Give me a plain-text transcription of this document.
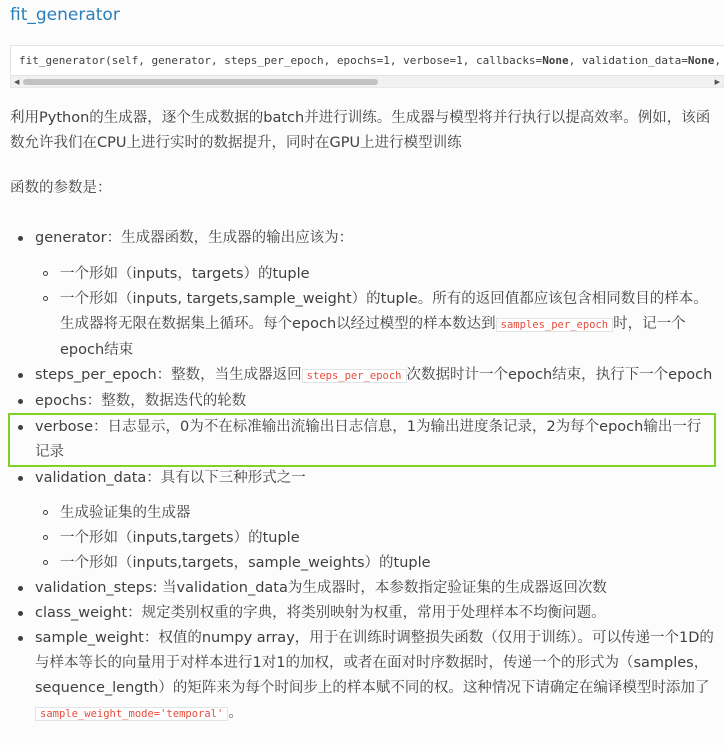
fit_generator
fit_generator(self, generator, steps_per_epoch, epochs=1, verbose=1, callbacks=None, validation_data=None,
◀	▶

利用Python的生成器，逐个生成数据的batch并进行训练。生成器与模型将并行执行以提高效率。例如，该函数允许我们在CPU上进行实时的数据提升，同时在GPU上进行模型训练

函数的参数是：

generator：生成器函数，生成器的输出应该为：
一个形如（inputs，targets）的tuple
一个形如（inputs, targets,sample_weight）的tuple。所有的返回值都应该包含相同数目的样本。生成器将无限在数据集上循环。每个epoch以经过模型的样本数达到 samples_per_epoch 时，记一个epoch结束
steps_per_epoch：整数，当生成器返回 steps_per_epoch 次数据时计一个epoch结束，执行下一个epoch
epochs：整数，数据迭代的轮数
verbose：日志显示，0为不在标准输出流输出日志信息，1为输出进度条记录，2为每个epoch输出一行记录
validation_data：具有以下三种形式之一
生成验证集的生成器
一个形如（inputs,targets）的tuple
一个形如（inputs,targets，sample_weights）的tuple
validation_steps: 当validation_data为生成器时，本参数指定验证集的生成器返回次数
class_weight：规定类别权重的字典，将类别映射为权重，常用于处理样本不均衡问题。
sample_weight：权值的numpy array，用于在训练时调整损失函数（仅用于训练）。可以传递一个1D的与样本等长的向量用于对样本进行1对1的加权，或者在面对时序数据时，传递一个的形式为（samples，sequence_length）的矩阵来为每个时间步上的样本赋不同的权。这种情况下请确定在编译模型时添加了sample_weight_mode='temporal' 。
